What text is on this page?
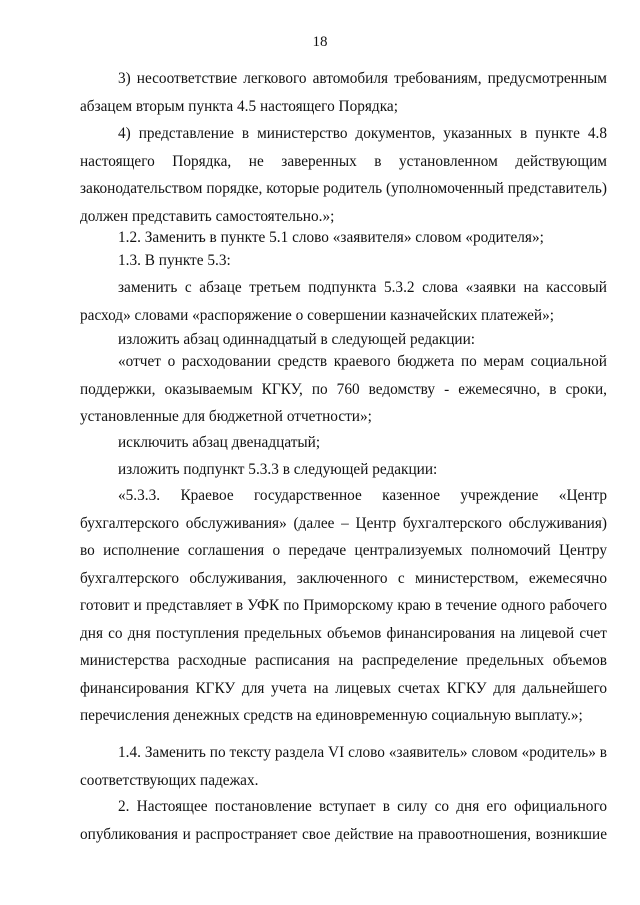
18

3) несоответствие легкового автомобиля требованиям, предусмотренным абзацем вторым пункта 4.5 настоящего Порядка;

4) представление в министерство документов, указанных в пункте 4.8 настоящего Порядка, не заверенных в установленном действующим законодательством порядке, которые родитель (уполномоченный представитель) должен представить самостоятельно.»;

1.2. Заменить в пункте 5.1 слово «заявителя» словом «родителя»;

1.3. В пункте 5.3:

заменить с абзаце третьем подпункта 5.3.2 слова «заявки на кассовый расход» словами «распоряжение о совершении казначейских платежей»;

изложить абзац одиннадцатый в следующей редакции:

«отчет о расходовании средств краевого бюджета по мерам социальной поддержки, оказываемым КГКУ, по 760 ведомству - ежемесячно, в сроки, установленные для бюджетной отчетности»;

исключить абзац двенадцатый;

изложить подпункт 5.3.3 в следующей редакции:

«5.3.3. Краевое государственное казенное учреждение «Центр бухгалтерского обслуживания» (далее – Центр бухгалтерского обслуживания) во исполнение соглашения о передаче централизуемых полномочий Центру бухгалтерского обслуживания, заключенного с министерством, ежемесячно готовит и представляет в УФК по Приморскому краю в течение одного рабочего дня со дня поступления предельных объемов финансирования на лицевой счет министерства расходные расписания на распределение предельных объемов финансирования КГКУ для учета на лицевых счетах КГКУ для дальнейшего перечисления денежных средств на единовременную социальную выплату.»;

1.4. Заменить по тексту раздела VI слово «заявитель» словом «родитель» в соответствующих падежах.

2. Настоящее постановление вступает в силу со дня его официального опубликования и распространяет свое действие на правоотношения, возникшие
